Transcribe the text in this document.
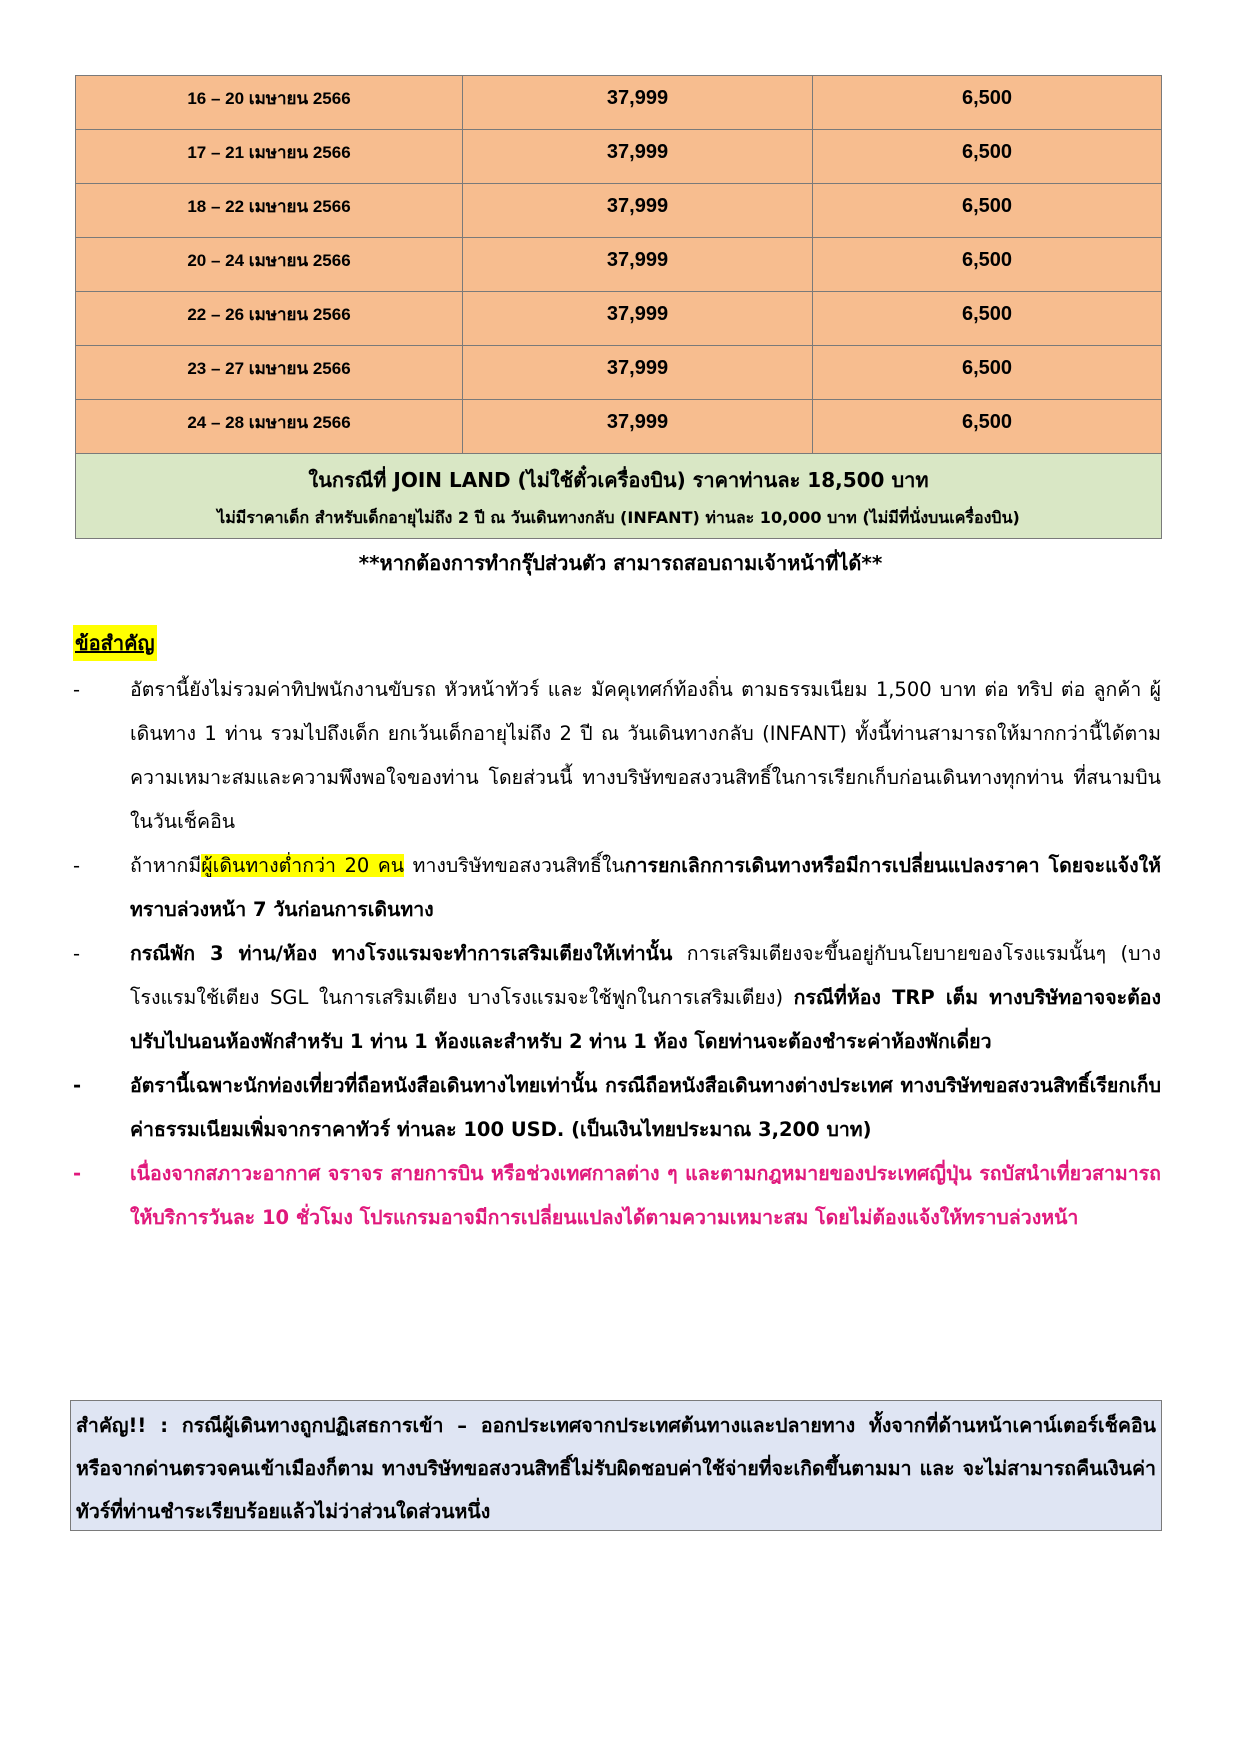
16 – 20 เมษายน 2566	37,999	6,500
17 – 21 เมษายน 2566	37,999	6,500
18 – 22 เมษายน 2566	37,999	6,500
20 – 24 เมษายน 2566	37,999	6,500
22 – 26 เมษายน 2566	37,999	6,500
23 – 27 เมษายน 2566	37,999	6,500
24 – 28 เมษายน 2566	37,999	6,500

ในกรณีที่ JOIN LAND (ไม่ใช้ตั๋วเครื่องบิน) ราคาท่านละ 18,500 บาท
ไม่มีราคาเด็ก สำหรับเด็กอายุไม่ถึง 2 ปี ณ วันเดินทางกลับ (INFANT) ท่านละ 10,000 บาท (ไม่มีที่นั่งบนเครื่องบิน)		
**หากต้องการทำกรุ๊ปส่วนตัว สามารถสอบถามเจ้าหน้าที่ได้**
ข้อสำคัญ

-	อัตรานี้ยังไม่รวมค่าทิปพนักงานขับรถ หัวหน้าทัวร์ และ มัคคุเทศก์ท้องถิ่น ตามธรรมเนียม 1,500 บาท ต่อ ทริป ต่อ ลูกค้า ผู้เดินทาง 1 ท่าน รวมไปถึงเด็ก ยกเว้นเด็กอายุไม่ถึง 2 ปี ณ วันเดินทางกลับ (INFANT) ทั้งนี้ท่านสามารถให้มากกว่านี้ได้ตามความเหมาะสมและความพึงพอใจของท่าน โดยส่วนนี้ ทางบริษัทขอสงวนสิทธิ์ในการเรียกเก็บก่อนเดินทางทุกท่าน ที่สนามบิน ในวันเช็คอิน

-	ถ้าหากมีผู้เดินทางต่ำกว่า 20 คน ทางบริษัทขอสงวนสิทธิ์ในการยกเลิกการเดินทางหรือมีการเปลี่ยนแปลงราคา โดยจะแจ้งให้ทราบล่วงหน้า 7 วันก่อนการเดินทาง

-	กรณีพัก 3 ท่าน/ห้อง ทางโรงแรมจะทำการเสริมเตียงให้เท่านั้น การเสริมเตียงจะขึ้นอยู่กับนโยบายของโรงแรมนั้นๆ (บางโรงแรมใช้เตียง SGL ในการเสริมเตียง บางโรงแรมจะใช้ฟูกในการเสริมเตียง) กรณีที่ห้อง TRP เต็ม ทางบริษัทอาจจะต้องปรับไปนอนห้องพักสำหรับ 1 ท่าน 1 ห้องและสำหรับ 2 ท่าน 1 ห้อง โดยท่านจะต้องชำระค่าห้องพักเดี่ยว

-	อัตรานี้เฉพาะนักท่องเที่ยวที่ถือหนังสือเดินทางไทยเท่านั้น กรณีถือหนังสือเดินทางต่างประเทศ ทางบริษัทขอสงวนสิทธิ์เรียกเก็บค่าธรรมเนียมเพิ่มจากราคาทัวร์ ท่านละ 100 USD. (เป็นเงินไทยประมาณ 3,200 บาท)

-	เนื่องจากสภาวะอากาศ จราจร สายการบิน หรือช่วงเทศกาลต่าง ๆ และตามกฎหมายของประเทศญี่ปุ่น รถบัสนำเที่ยวสามารถให้บริการวันละ 10 ชั่วโมง โปรแกรมอาจมีการเปลี่ยนแปลงได้ตามความเหมาะสม โดยไม่ต้องแจ้งให้ทราบล่วงหน้า

สำคัญ!! : กรณีผู้เดินทางถูกปฏิเสธการเข้า – ออกประเทศจากประเทศต้นทางและปลายทาง ทั้งจากที่ด้านหน้าเคาน์เตอร์เช็คอิน หรือจากด่านตรวจคนเข้าเมืองก็ตาม ทางบริษัทขอสงวนสิทธิ์ไม่รับผิดชอบค่าใช้จ่ายที่จะเกิดขึ้นตามมา และ จะไม่สามารถคืนเงินค่าทัวร์ที่ท่านชำระเรียบร้อยแล้วไม่ว่าส่วนใดส่วนหนึ่ง
